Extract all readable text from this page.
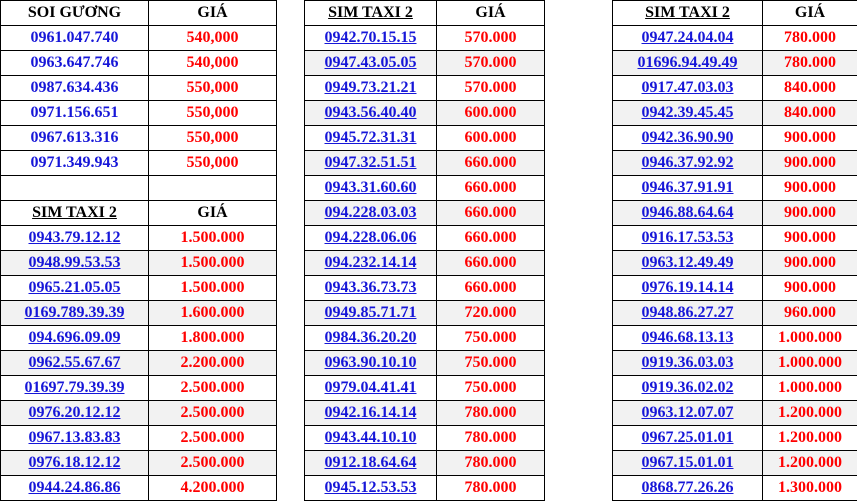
SOI GƯƠNG	GIÁ
0961.047.740	540,000
0963.647.746	540,000
0987.634.436	550,000
0971.156.651	550,000
0967.613.316	550,000
0971.349.943	550,000

SIM TAXI 2	GIÁ
0943.79.12.12	1.500.000
0948.99.53.53	1.500.000
0965.21.05.05	1.500.000
0169.789.39.39	1.600.000
094.696.09.09	1.800.000
0962.55.67.67	2.200.000
01697.79.39.39	2.500.000
0976.20.12.12	2.500.000
0967.13.83.83	2.500.000
0976.18.12.12	2.500.000
0944.24.86.86	4.200.000
SIM TAXI 2	GIÁ
0942.70.15.15	570.000
0947.43.05.05	570.000
0949.73.21.21	570.000
0943.56.40.40	600.000
0945.72.31.31	600.000
0947.32.51.51	660.000
0943.31.60.60	660.000
094.228.03.03	660.000
094.228.06.06	660.000
094.232.14.14	660.000
0943.36.73.73	660.000
0949.85.71.71	720.000
0984.36.20.20	750.000
0963.90.10.10	750.000
0979.04.41.41	750.000
0942.16.14.14	780.000
0943.44.10.10	780.000
0912.18.64.64	780.000
0945.12.53.53	780.000
SIM TAXI 2	GIÁ
0947.24.04.04	780.000
01696.94.49.49	780.000
0917.47.03.03	840.000
0942.39.45.45	840.000
0942.36.90.90	900.000
0946.37.92.92	900.000
0946.37.91.91	900.000
0946.88.64.64	900.000
0916.17.53.53	900.000
0963.12.49.49	900.000
0976.19.14.14	900.000
0948.86.27.27	960.000
0946.68.13.13	1.000.000
0919.36.03.03	1.000.000
0919.36.02.02	1.000.000
0963.12.07.07	1.200.000
0967.25.01.01	1.200.000
0967.15.01.01	1.200.000
0868.77.26.26	1.300.000
